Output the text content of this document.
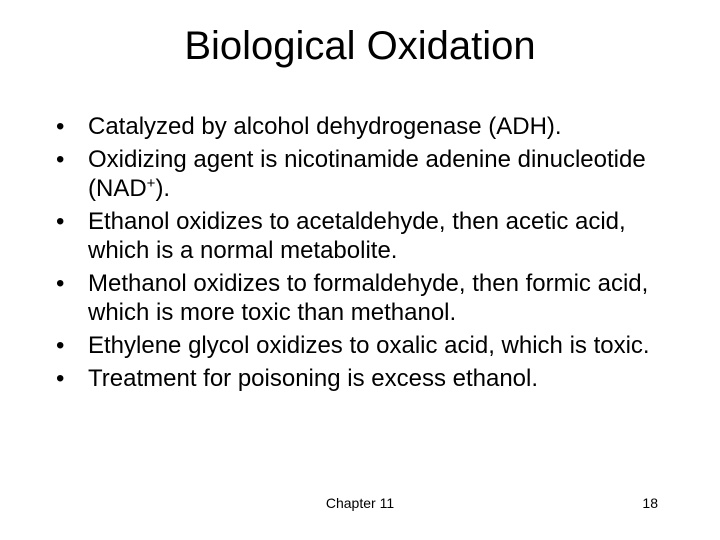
Biological Oxidation
• Catalyzed by alcohol dehydrogenase (ADH).
• Oxidizing agent is nicotinamide adenine dinucleotide (NAD+).
• Ethanol oxidizes to acetaldehyde, then acetic acid, which is a normal metabolite.
• Methanol oxidizes to formaldehyde, then formic acid, which is more toxic than methanol.
• Ethylene glycol oxidizes to oxalic acid, which is toxic.
• Treatment for poisoning is excess ethanol.
Chapter 11	18
